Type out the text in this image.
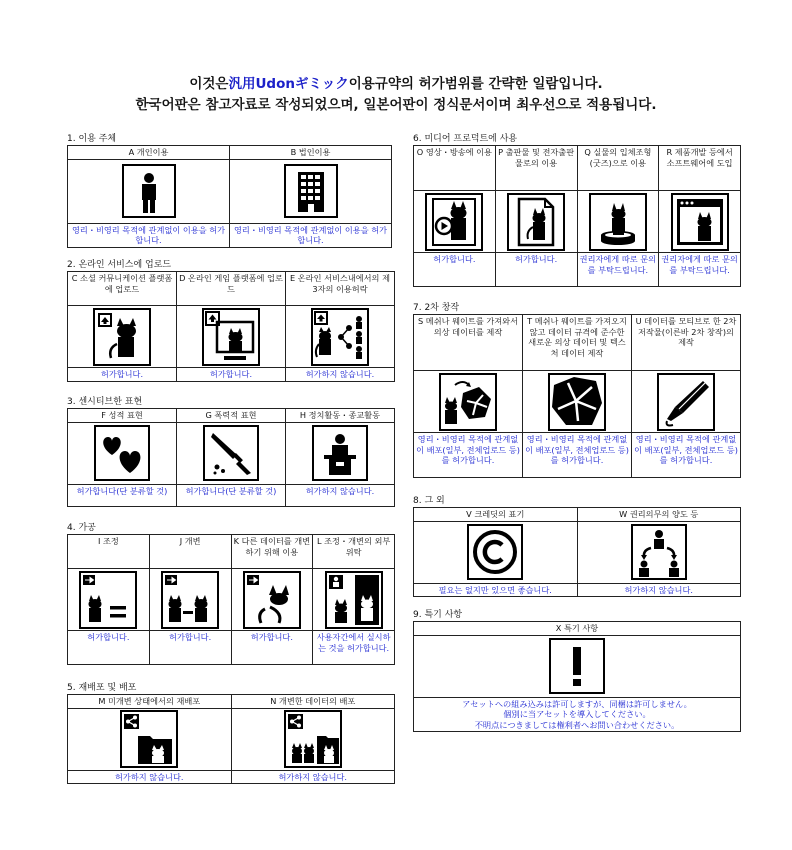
이것은汎用Udonギミック이용규약의 허가범위를 간략한 일람입니다.
한국어판은 참고자료로 작성되었으며, 일본어판이 정식문서이며 최우선으로 적용됩니다.
1. 이용 주체
A 개인이용	B 법인이용

영리・비영리 목적에 관계없이 이용을 허가합니다.	영리・비영리 목적에 관계없이 이용을 허가합니다.
2. 온라인 서비스에 업로드
C 소셜 커뮤니케이션 플랫폼에 업로드	D 온라인 게임 플랫폼에 업로드	E 온라인 서비스내에서의 제 3자의 이용허락

허가합니다.	허가합니다.	허가하지 않습니다.
3. 센시티브한 표현
F 성적 표현	G 폭력적 표현	H 정치활동・종교활동

허가합니다(단 분류할 것)	허가합니다(단 분류할 것)	허가하지 않습니다.
4. 가공
I 조정	J 개변	K 다른 데이터를 개변하기 위해 이용	L 조정・개변의 외부위탁

허가합니다.	허가합니다.	허가합니다.	사용자간에서 실시하는 것을 허가합니다.
5. 재배포 및 배포
M 미개변 상태에서의 재배포	N 개변한 데이터의 배포

허가하지 않습니다.	허가하지 않습니다.
6. 미디어 프로덕트에 사용
O 영상・방송에 이용	P 출판물 및 전자출판물로의 이용	Q 실물의 입체조형(굿즈)으로 이용	R 제품개발 등에서 소프트웨어에 도입

허가합니다.	허가합니다.	권리자에게 따로 문의를 부탁드립니다.	권리자에게 따로 문의를 부탁드립니다.
7. 2차 창작
S 메쉬나 웨이트를 가져와서 의상 데이터를 제작	T 메쉬나 웨이트를 가져오지 않고 데이터 규격에 준수한 새로운 의상 데이터 및 텍스처 데이터 제작	U 데이터를 모티브로 한 2차 저작물(이른바 2차 창작)의 제작

영리・비영리 목적에 관계없이 배포(일부, 전체업로드 등)를 허가합니다.	영리・비영리 목적에 관계없이 배포(일부, 전체업로드 등)를 허가합니다.	영리・비영리 목적에 관계없이 배포(일부, 전체업로드 등)를 허가합니다.
8. 그 외
V 크레딧의 표기	W 권리의무의 양도 등

필요는 없지만 있으면 좋습니다.	허가하지 않습니다.
9. 특기 사항
X 특기 사항

アセットへの組み込みは許可しますが、同梱は許可しません。
個別に当アセットを導入してください。
不明点につきましては権利者へお問い合わせください。
